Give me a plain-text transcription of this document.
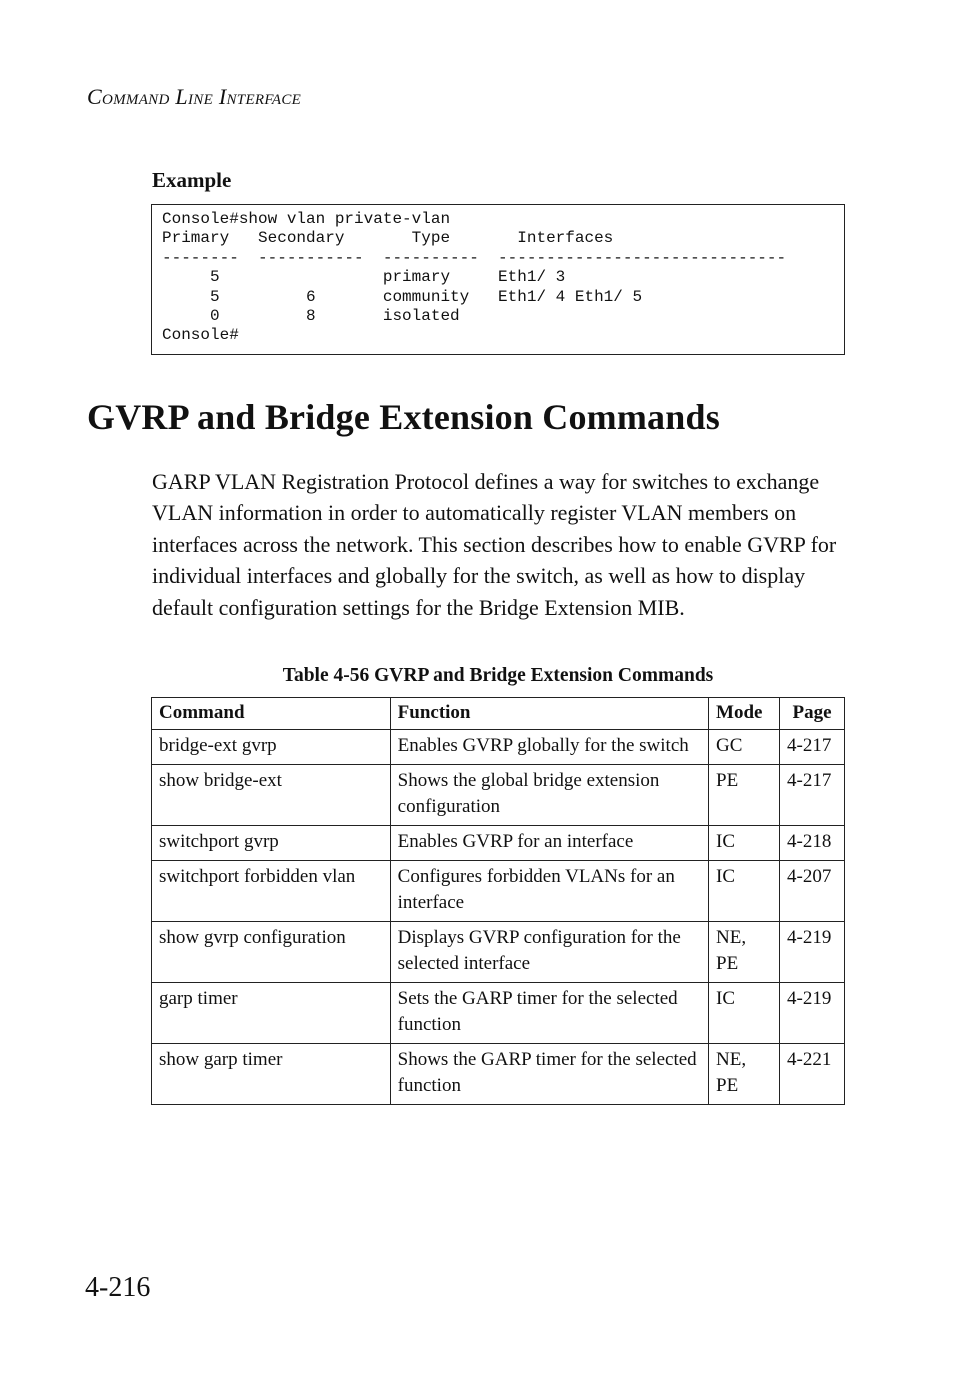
COMMAND LINE INTERFACE
Example
Console#show vlan private-vlan
Primary   Secondary       Type       Interfaces
--------  -----------  ----------  ------------------------------
5                 primary     Eth1/ 3
5         6       community   Eth1/ 4 Eth1/ 5
0         8       isolated
Console#
GVRP and Bridge Extension Commands

GARP VLAN Registration Protocol defines a way for switches to exchange VLAN information in order to automatically register VLAN members on interfaces across the network. This section describes how to enable GVRP for individual interfaces and globally for the switch, as well as how to display default configuration settings for the Bridge Extension MIB.

Table 4-56 GVRP and Bridge Extension Commands
Command	Function	Mode	Page
bridge-ext gvrp	Enables GVRP globally for the switch	GC	4-217
show bridge-ext	Shows the global bridge extension configuration	PE	4-217
switchport gvrp	Enables GVRP for an interface	IC	4-218
switchport forbidden vlan	Configures forbidden VLANs for an interface	IC	4-207
show gvrp configuration	Displays GVRP configuration for the selected interface	NE, PE	4-219
garp timer	Sets the GARP timer for the selected function	IC	4-219
show garp timer	Shows the GARP timer for the selected function	NE, PE	4-221
4-216
